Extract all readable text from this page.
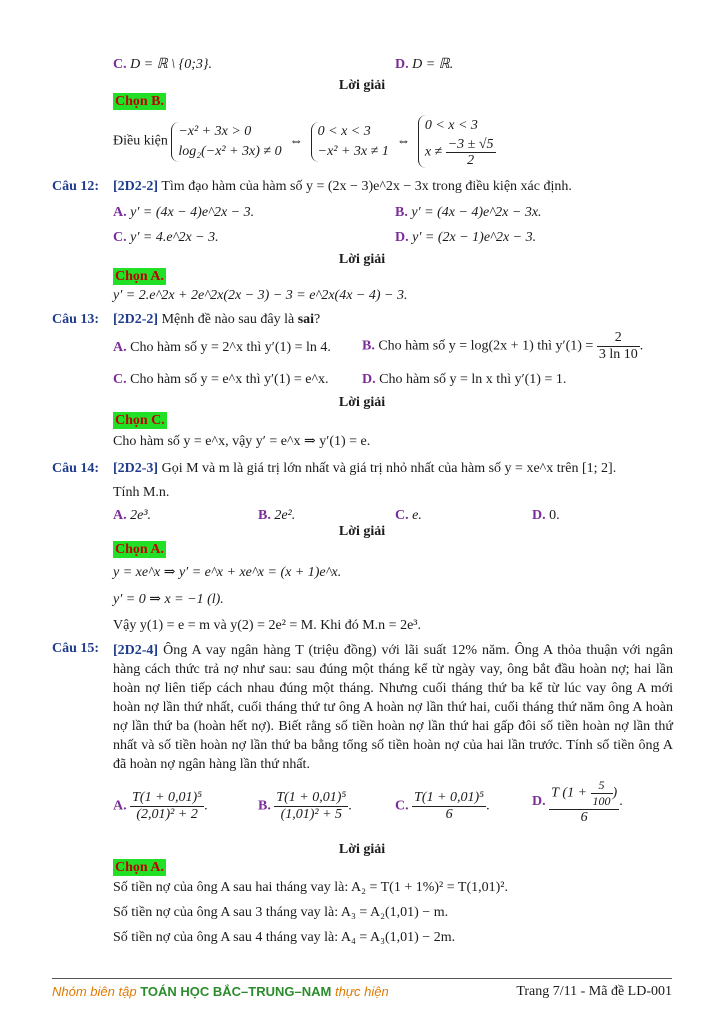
C. D = ℝ \ {0;3}.	D. D = ℝ.
Lời giải
Chọn B.
Điều kiện −x² + 3x > 0
log₂(−x² + 3x) ≠ 0 ⇔ 0 < x < 3
−x² + 3x ≠ 1 ⇔ 0 < x < 3
$x \ne \frac{-3 \pm √5}{2}$
Câu 12: [2D2-2] Tìm đạo hàm của hàm số y = (2x − 3)e^2x − 3x trong điều kiện xác định.
A. y′ = (4x − 4)e^2x − 3.	B. y′ = (4x − 4)e^2x − 3x.
C. y′ = 4.e^2x − 3.	D. y′ = (2x − 1)e^2x − 3.
Lời giải
Chọn A.
y′ = 2.e^2x + 2e^2x(2x − 3) − 3 = e^2x(4x − 4) − 3.
Câu 13: [2D2-2] Mệnh đề nào sau đây là sai?
A. Cho hàm số y = 2^x thì y′(1) = ln 4. B. Cho hàm số y = log(2x + 1) thì $y'(1) = \frac{2}{3 \ln 10}$ .
C. Cho hàm số y = e^x thì y′(1) = e^x. D. Cho hàm số y = ln x thì y′(1) = 1.
Lời giải
Chọn C.
Cho hàm số y = e^x, vậy y′ = e^x ⇒ y′(1) = e.
Câu 14: [2D2-3] Gọi M và m là giá trị lớn nhất và giá trị nhỏ nhất của hàm số y = xe^x trên [1; 2].
Tính M.n.
A. 2e³.	B. 2e².	C. e.	D. 0.
Lời giải
Chọn A.
y = xe^x ⇒ y′ = e^x + xe^x = (x + 1)e^x.
y′ = 0 ⇒ x = −1 (l).
Vậy y(1) = e = m và y(2) = 2e² = M. Khi đó M.n = 2e³.
Câu 15: [2D2-4] Ông A vay ngân hàng T (triệu đồng) với lãi suất 12% năm. Ông A thỏa thuận với ngân hàng cách thức trả nợ như sau: sau đúng một tháng kể từ ngày vay, ông bắt đầu hoàn nợ; hai lần hoàn nợ liên tiếp cách nhau đúng một tháng. Nhưng cuối tháng thứ ba kể từ lúc vay ông A mới hoàn nợ lần thứ nhất, cuối tháng thứ tư ông A hoàn nợ lần thứ hai, cuối tháng thứ năm ông A hoàn nợ lần thứ ba (hoàn hết nợ). Biết rằng số tiền hoàn nợ lần thứ hai gấp đôi số tiền hoàn nợ lần thứ nhất và số tiền hoàn nợ lần thứ ba bằng tổng số tiền hoàn nợ của hai lần trước. Tính số tiền ông A đã hoàn nợ ngân hàng lần thứ nhất.
A. $\frac{\text{T(1 + 0,01)⁵}}{\text{(2,01)² + 2}}$ .	B. $\frac{\text{T(1 + 0,01)⁵}}{\text{(1,01)² + 5}}$ .	C. $\frac{\text{T(1 + 0,01)⁵}}{6}$ .	D. $\frac{T (1 + \frac{5}{100} )}{6}$ .
Lời giải
Chọn A.
Số tiền nợ của ông A sau hai tháng vay là: A₂ = T(1 + 1%)² = T(1,01)².
Số tiền nợ của ông A sau 3 tháng vay là: A₃ = A₂(1,01) − m.
Số tiền nợ của ông A sau 4 tháng vay là: A₄ = A₃(1,01) − 2m.
Nhóm biên tập TOÁN HỌC BẮC–TRUNG–NAM thực hiện	Trang 7/11 - Mã đề LD-001
